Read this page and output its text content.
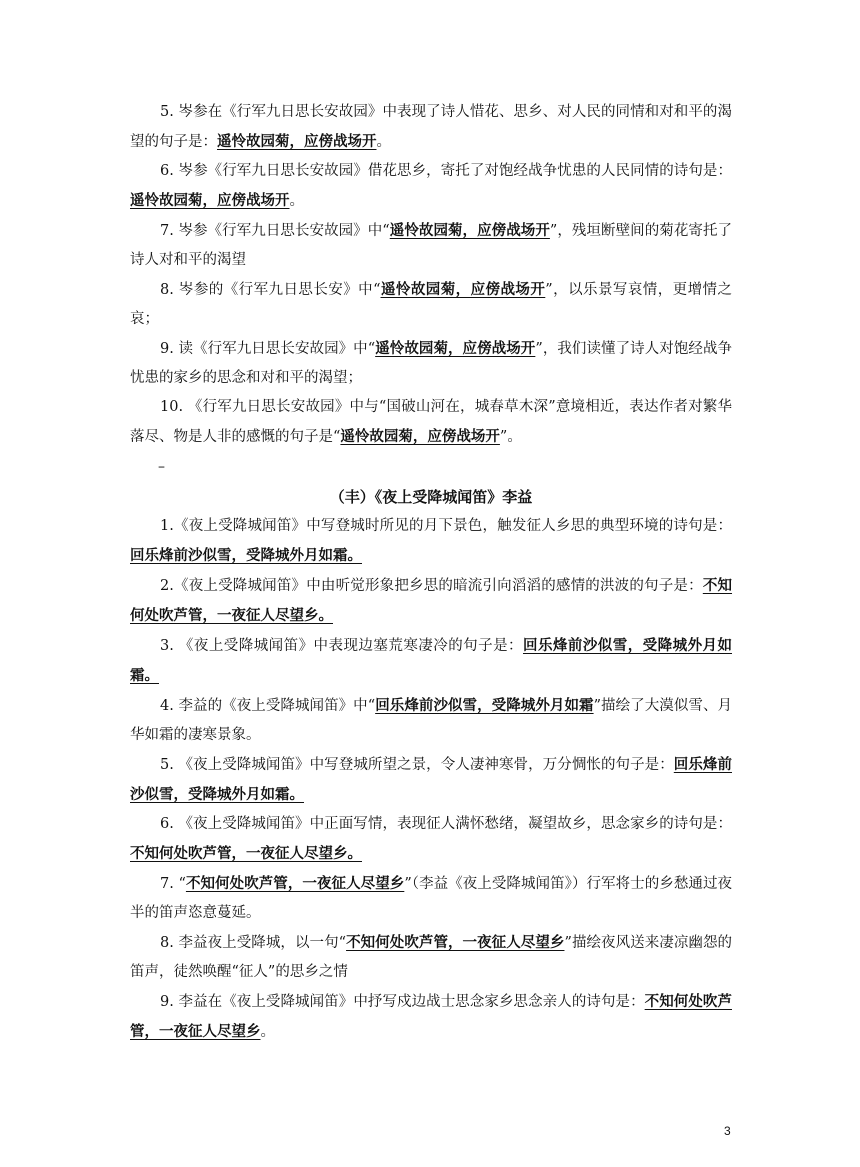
5. 岑参在《行军九日思长安故园》中表现了诗人惜花、思乡、对人民的同情和对和平的渴望的句子是：遥怜故园菊，应傍战场开。

6. 岑参《行军九日思长安故园》借花思乡，寄托了对饱经战争忧患的人民同情的诗句是：遥怜故园菊，应傍战场开。

7. 岑参《行军九日思长安故园》中“遥怜故园菊，应傍战场开”，残垣断壁间的菊花寄托了诗人对和平的渴望

8. 岑参的《行军九日思长安》中“遥怜故园菊，应傍战场开”，以乐景写哀情，更增情之哀；

9. 读《行军九日思长安故园》中“遥怜故园菊，应傍战场开”，我们读懂了诗人对饱经战争忧患的家乡的思念和对和平的渴望；

10. 《行军九日思长安故园》中与“国破山河在，城春草木深”意境相近，表达作者对繁华落尽、物是人非的感慨的句子是“遥怜故园菊，应傍战场开”。

–
（丰）《夜上受降城闻笛》李益

1.《夜上受降城闻笛》中写登城时所见的月下景色，触发征人乡思的典型环境的诗句是：回乐烽前沙似雪，受降城外月如霜。

2.《夜上受降城闻笛》中由听觉形象把乡思的暗流引向滔滔的感情的洪波的句子是：不知何处吹芦管，一夜征人尽望乡。

3. 《夜上受降城闻笛》中表现边塞荒寒凄冷的句子是：回乐烽前沙似雪，受降城外月如霜。

4. 李益的《夜上受降城闻笛》中“回乐烽前沙似雪，受降城外月如霜”描绘了大漠似雪、月华如霜的凄寒景象。

5. 《夜上受降城闻笛》中写登城所望之景，令人凄神寒骨，万分惆怅的句子是：回乐烽前沙似雪，受降城外月如霜。

6. 《夜上受降城闻笛》中正面写情，表现征人满怀愁绪，凝望故乡，思念家乡的诗句是：不知何处吹芦管，一夜征人尽望乡。

7. “不知何处吹芦管，一夜征人尽望乡”（李益《夜上受降城闻笛》）行军将士的乡愁通过夜半的笛声恣意蔓延。

8. 李益夜上受降城，以一句“不知何处吹芦管，一夜征人尽望乡”描绘夜风送来凄凉幽怨的笛声，徒然唤醒“征人”的思乡之情

9. 李益在《夜上受降城闻笛》中抒写戍边战士思念家乡思念亲人的诗句是：不知何处吹芦管，一夜征人尽望乡。

3
